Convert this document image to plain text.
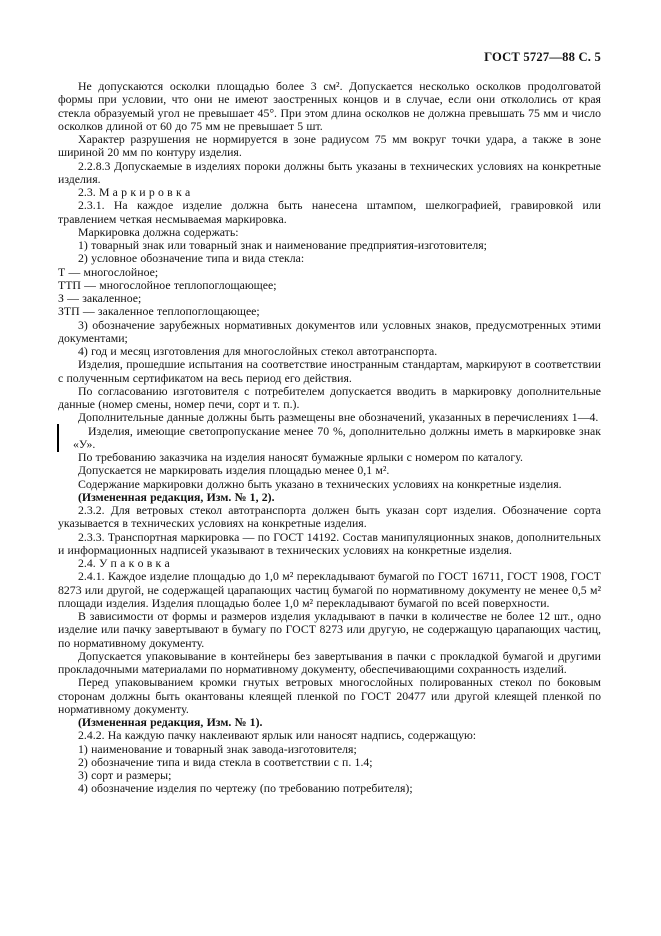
ГОСТ 5727—88 С. 5

Не допускаются осколки площадью более 3 см². Допускается несколько осколков продолговатой формы при условии, что они не имеют заостренных концов и в случае, если они откололись от края стекла образуемый угол не превышает 45°. При этом длина осколков не должна превышать 75 мм и число осколков длиной от 60 до 75 мм не превышает 5 шт.

Характер разрушения не нормируется в зоне радиусом 75 мм вокруг точки удара, а также в зоне шириной 20 мм по контуру изделия.

2.2.8.3 Допускаемые в изделиях пороки должны быть указаны в технических условиях на конкретные изделия.

2.3. М а р к и р о в к а

2.3.1. На каждое изделие должна быть нанесена штампом, шелкографией, гравировкой или травлением четкая несмываемая маркировка.

Маркировка должна содержать:

1) товарный знак или товарный знак и наименование предприятия-изготовителя;

2) условное обозначение типа и вида стекла:

Т — многослойное;

ТТП — многослойное теплопоглощающее;

З — закаленное;

ЗТП — закаленное теплопоглощающее;

3) обозначение зарубежных нормативных документов или условных знаков, предусмотренных этими документами;

4) год и месяц изготовления для многослойных стекол автотранспорта.

Изделия, прошедшие испытания на соответствие иностранным стандартам, маркируют в соответствии с полученным сертификатом на весь период его действия.

По согласованию изготовителя с потребителем допускается вводить в маркировку дополнительные данные (номер смены, номер печи, сорт и т. п.).

Дополнительные данные должны быть размещены вне обозначений, указанных в перечислениях 1—4.

Изделия, имеющие светопропускание менее 70 %, дополнительно должны иметь в маркировке знак «У».

По требованию заказчика на изделия наносят бумажные ярлыки с номером по каталогу.

Допускается не маркировать изделия площадью менее 0,1 м².

Содержание маркировки должно быть указано в технических условиях на конкретные изделия.

(Измененная редакция, Изм. № 1, 2).

2.3.2. Для ветровых стекол автотранспорта должен быть указан сорт изделия. Обозначение сорта указывается в технических условиях на конкретные изделия.

2.3.3. Транспортная маркировка — по ГОСТ 14192. Состав манипуляционных знаков, дополнительных и информационных надписей указывают в технических условиях на конкретные изделия.

2.4. У п а к о в к а

2.4.1. Каждое изделие площадью до 1,0 м² перекладывают бумагой по ГОСТ 16711, ГОСТ 1908, ГОСТ 8273 или другой, не содержащей царапающих частиц бумагой по нормативному документу не менее 0,5 м² площади изделия. Изделия площадью более 1,0 м² перекладывают бумагой по всей поверхности.

В зависимости от формы и размеров изделия укладывают в пачки в количестве не более 12 шт., одно изделие или пачку завертывают в бумагу по ГОСТ 8273 или другую, не содержащую царапающих частиц, по нормативному документу.

Допускается упаковывание в контейнеры без завертывания в пачки с прокладкой бумагой и другими прокладочными материалами по нормативному документу, обеспечивающими сохранность изделий.

Перед упаковыванием кромки гнутых ветровых многослойных полированных стекол по боковым сторонам должны быть окантованы клеящей пленкой по ГОСТ 20477 или другой клеящей пленкой по нормативному документу.

(Измененная редакция, Изм. № 1).

2.4.2. На каждую пачку наклеивают ярлык или наносят надпись, содержащую:

1) наименование и товарный знак завода-изготовителя;

2) обозначение типа и вида стекла в соответствии с п. 1.4;

3) сорт и размеры;

4) обозначение изделия по чертежу (по требованию потребителя);
